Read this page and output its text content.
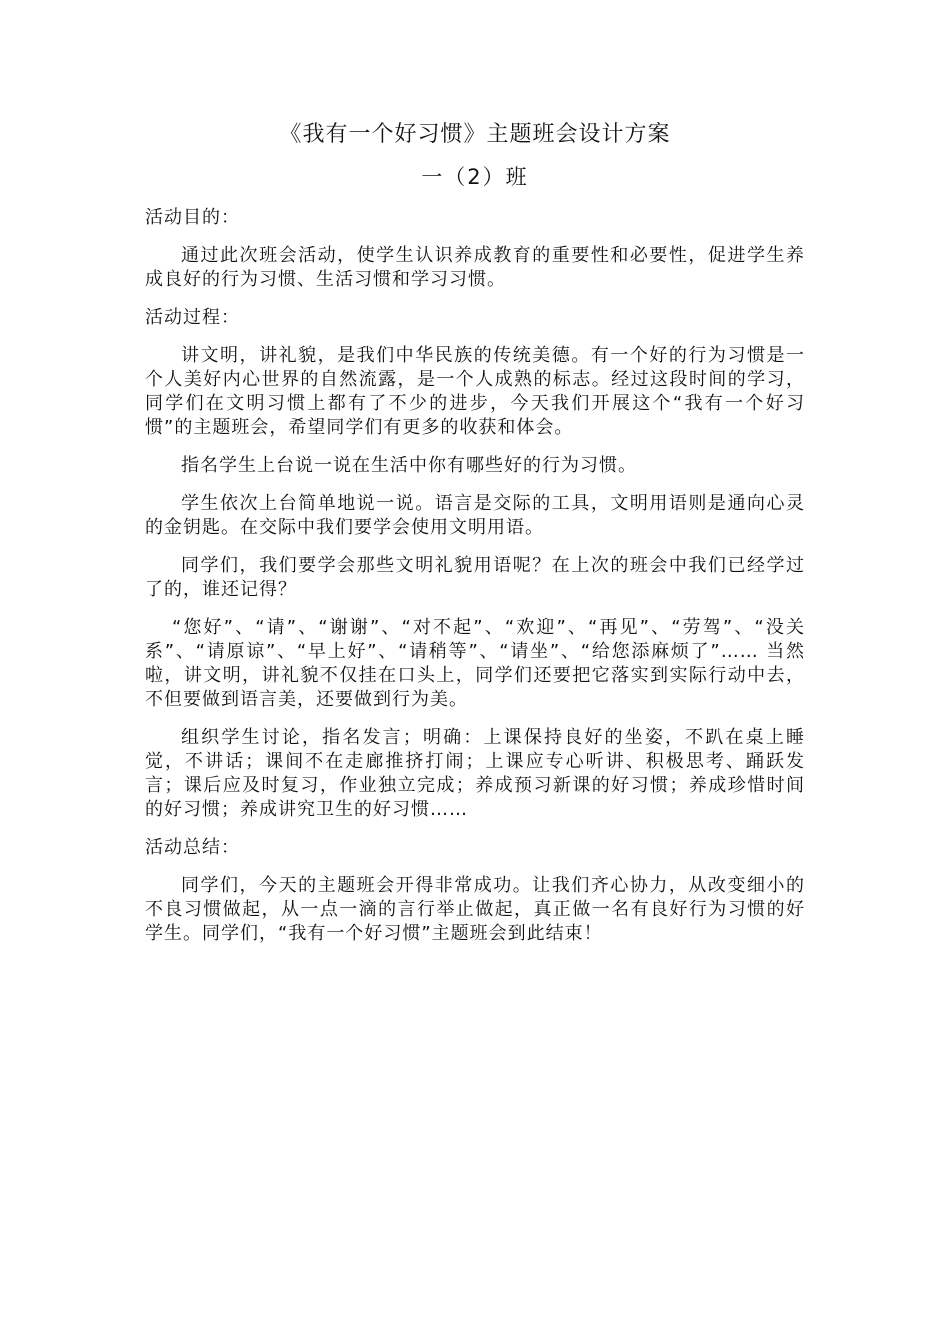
《我有一个好习惯》主题班会设计方案
一（2）班
活动目的：

通过此次班会活动，使学生认识养成教育的重要性和必要性，促进学生养成良好的行为习惯、生活习惯和学习习惯。

活动过程：

讲文明，讲礼貌，是我们中华民族的传统美德。有一个好的行为习惯是一个人美好内心世界的自然流露，是一个人成熟的标志。经过这段时间的学习，同学们在文明习惯上都有了不少的进步，今天我们开展这个“我有一个好习惯”的主题班会，希望同学们有更多的收获和体会。

指名学生上台说一说在生活中你有哪些好的行为习惯。

学生依次上台简单地说一说。语言是交际的工具，文明用语则是通向心灵的金钥匙。在交际中我们要学会使用文明用语。

同学们，我们要学会那些文明礼貌用语呢？在上次的班会中我们已经学过了的，谁还记得？

“您好”、“请”、“谢谢”、“对不起”、“欢迎”、“再见”、“劳驾”、“没关系”、“请原谅”、“早上好”、“请稍等”、“请坐”、“给您添麻烦了”…… 当然啦，讲文明，讲礼貌不仅挂在口头上，同学们还要把它落实到实际行动中去，不但要做到语言美，还要做到行为美。

组织学生讨论，指名发言；明确：上课保持良好的坐姿，不趴在桌上睡觉，不讲话；课间不在走廊推挤打闹；上课应专心听讲、积极思考、踊跃发言；课后应及时复习，作业独立完成；养成预习新课的好习惯；养成珍惜时间的好习惯；养成讲究卫生的好习惯……

活动总结：

同学们，今天的主题班会开得非常成功。让我们齐心协力，从改变细小的不良习惯做起，从一点一滴的言行举止做起，真正做一名有良好行为习惯的好学生。同学们，“我有一个好习惯”主题班会到此结束！
